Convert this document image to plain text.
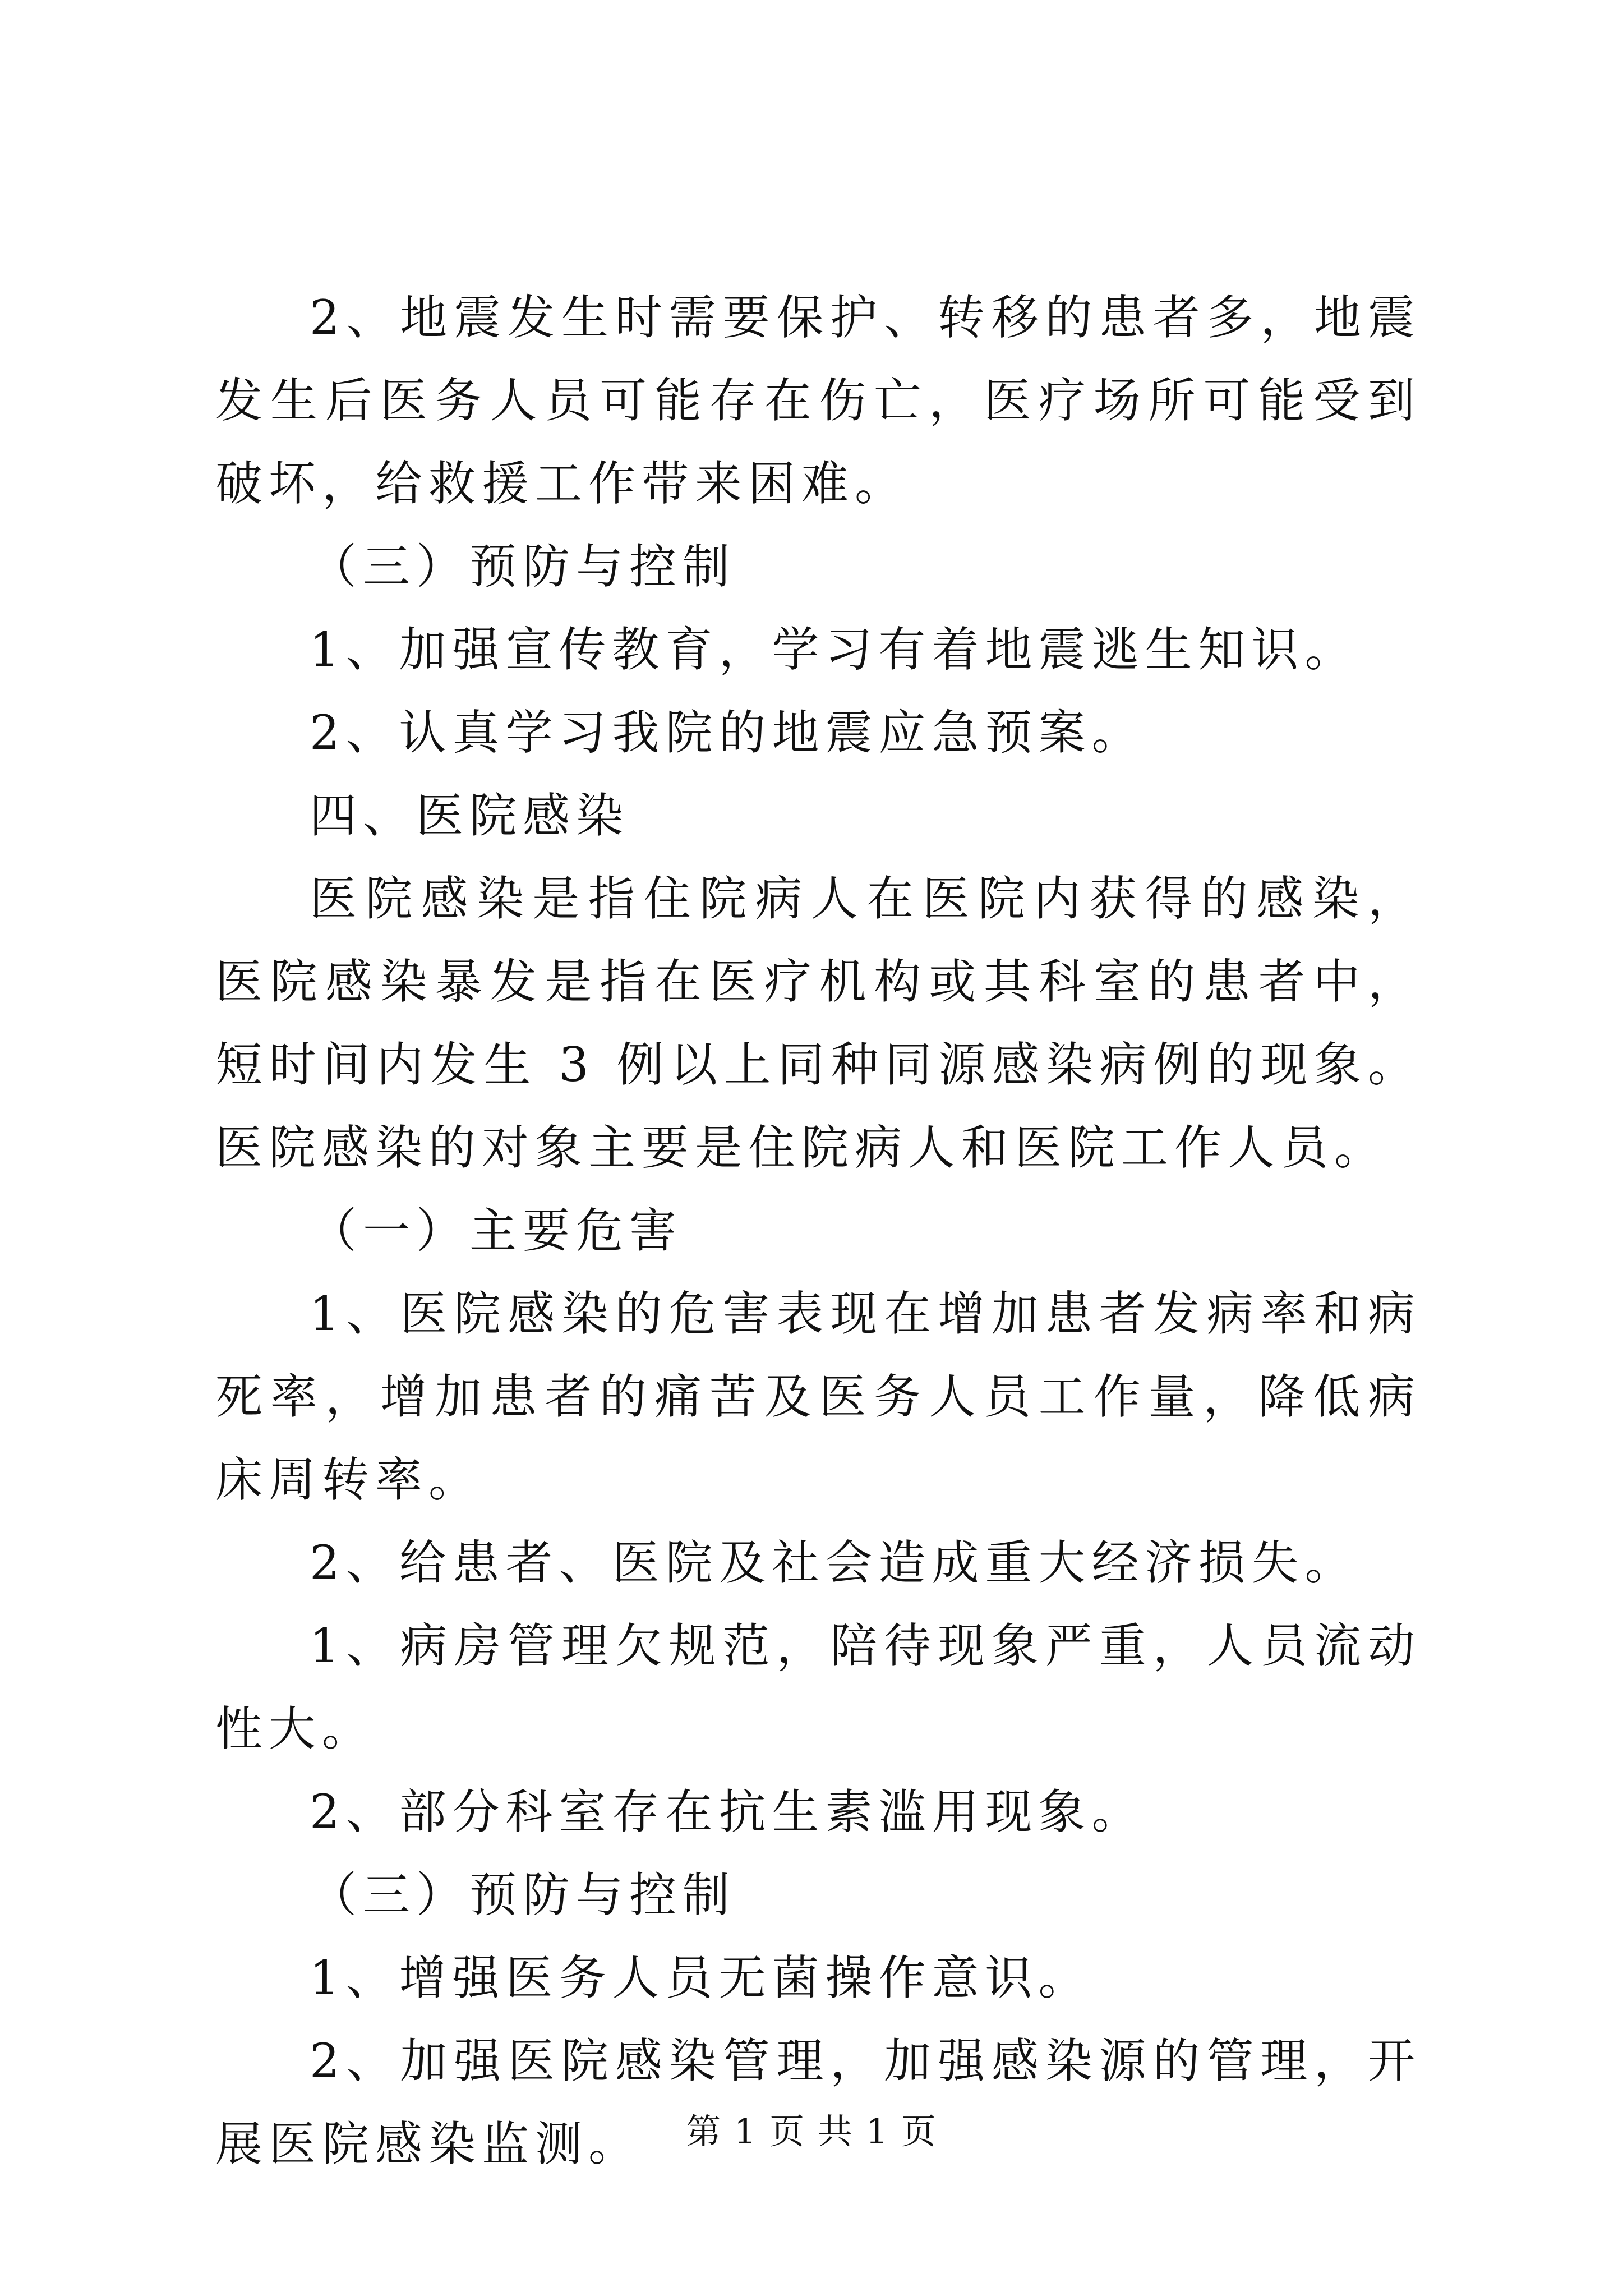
2、地震发生时需要保护、转移的患者多，地震发生后医务人员可能存在伤亡，医疗场所可能受到破坏，给救援工作带来困难。

（三）预防与控制

1、加强宣传教育，学习有着地震逃生知识。

2、认真学习我院的地震应急预案。

四、医院感染

医院感染是指住院病人在医院内获得的感染，医院感染暴发是指在医疗机构或其科室的患者中，短时间内发生 3 例以上同种同源感染病例的现象。医院感染的对象主要是住院病人和医院工作人员。

（一）主要危害

1、医院感染的危害表现在增加患者发病率和病死率，增加患者的痛苦及医务人员工作量，降低病床周转率。

2、给患者、医院及社会造成重大经济损失。

1、病房管理欠规范，陪待现象严重，人员流动性大。

2、部分科室存在抗生素滥用现象。

（三）预防与控制

1、增强医务人员无菌操作意识。

2、加强医院感染管理，加强感染源的管理，开展医院感染监测。	第 1 页 共 1 页
